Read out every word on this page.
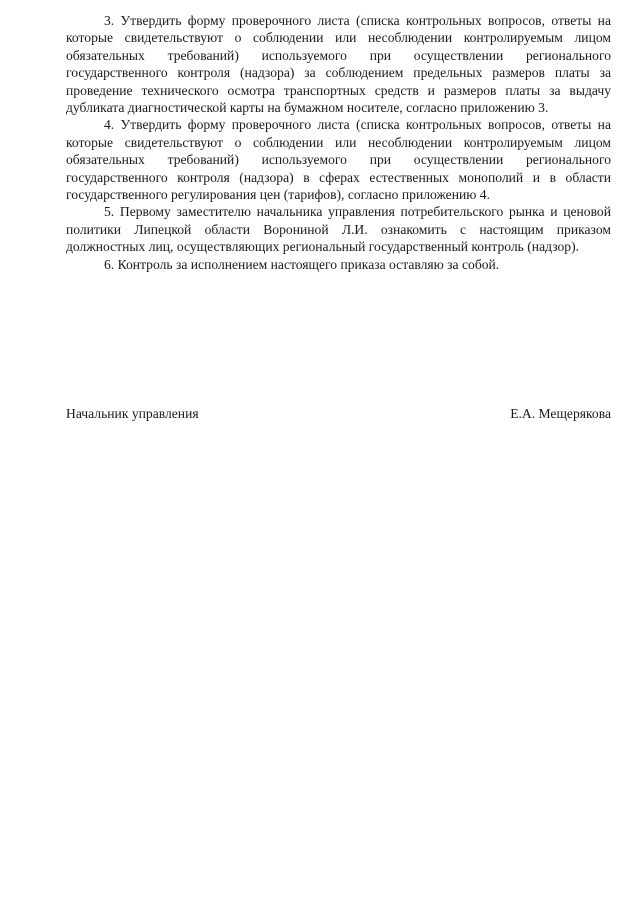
3. Утвердить форму проверочного листа (списка контрольных вопросов, ответы на которые свидетельствуют о соблюдении или несоблюдении контролируемым лицом обязательных требований) используемого при осуществлении регионального государственного контроля (надзора) за соблюдением предельных размеров платы за проведение технического осмотра транспортных средств и размеров платы за выдачу дубликата диагностической карты на бумажном носителе, согласно приложению 3.

4. Утвердить форму проверочного листа (списка контрольных вопросов, ответы на которые свидетельствуют о соблюдении или несоблюдении контролируемым лицом обязательных требований) используемого при осуществлении регионального государственного контроля (надзора) в сферах естественных монополий и в области государственного регулирования цен (тарифов), согласно приложению 4.

5. Первому заместителю начальника управления потребительского рынка и ценовой политики Липецкой области Ворониной Л.И. ознакомить с настоящим приказом должностных лиц, осуществляющих региональный государственный контроль (надзор).

6. Контроль за исполнением настоящего приказа оставляю за собой.

Начальник управления	Е.А. Мещерякова
